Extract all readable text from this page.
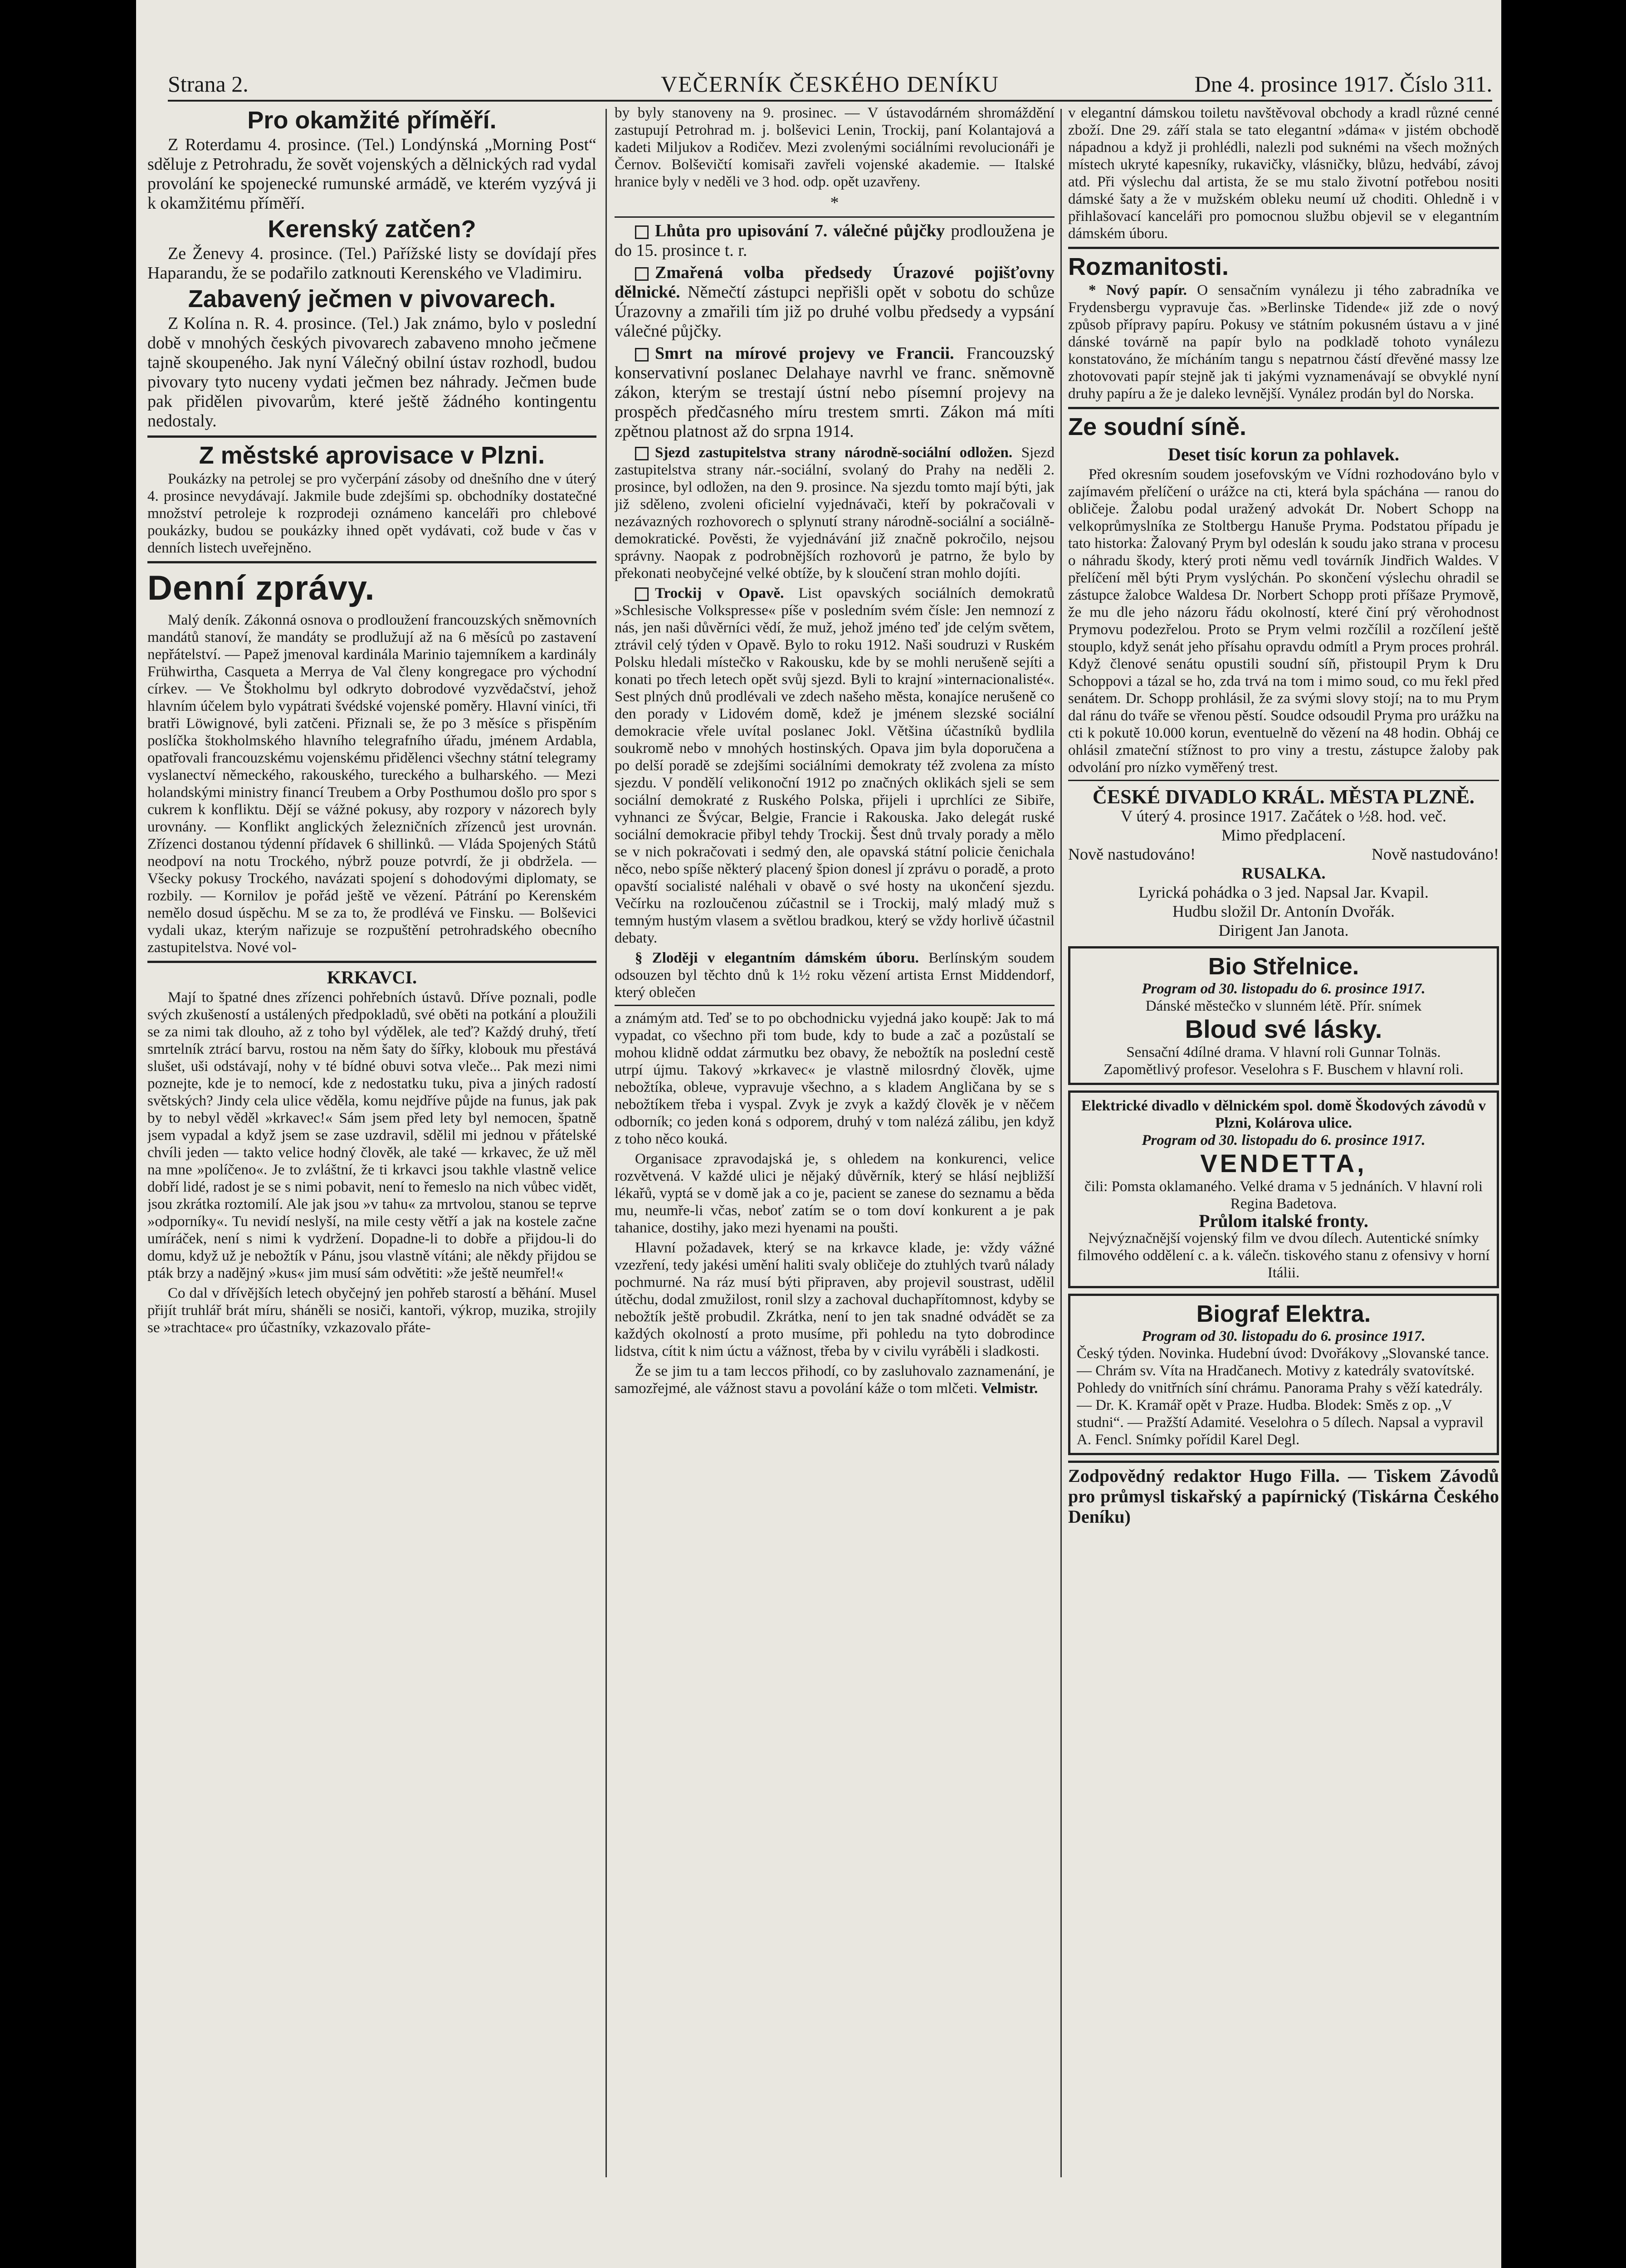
Strana 2.	VEČERNÍK ČESKÉHO DENÍKU	Dne 4. prosince 1917. Číslo 311.
Pro okamžité příměří.

Z Roterdamu 4. prosince. (Tel.) Londýnská „Morning Post“ sděluje z Petrohradu, že sovět vojenských a dělnických rad vydal provolání ke spojenecké rumunské armádě, ve kterém vyzývá ji k okamžitému příměří.

Kerenský zatčen?

Ze Ženevy 4. prosince. (Tel.) Pařížské listy se dovídají přes Haparandu, že se podařilo zatknouti Kerenského ve Vladimiru.

Zabavený ječmen v pivovarech.

Z Kolína n. R. 4. prosince. (Tel.) Jak známo, bylo v poslední době v mnohých českých pivovarech zabaveno mnoho ječmene tajně skoupeného. Jak nyní Válečný obilní ústav rozhodl, budou pivovary tyto nuceny vydati ječmen bez náhrady. Ječmen bude pak přidělen pivovarům, které ještě žádného kontingentu nedostaly.

Z městské aprovisace v Plzni.

Poukázky na petrolej se pro vyčerpání zásoby od dnešního dne v úterý 4. prosince nevydávají. Jakmile bude zdejšími sp. obchodníky dostatečné množství petroleje k rozprodeji oznámeno kanceláři pro chlebové poukázky, budou se poukázky ihned opět vydávati, což bude v čas v denních listech uveřejněno.

Denní zprávy.

Malý deník. Zákonná osnova o prodloužení francouzských sněmovních mandátů stanoví, že mandáty se prodlužují až na 6 měsíců po zastavení nepřátelství. — Papež jmenoval kardinála Marinio tajemníkem a kardinály Frühwirtha, Casqueta a Merrya de Val členy kongregace pro východní církev. — Ve Štokholmu byl odkryto dobrodové vyzvědačství, jehož hlavním účelem bylo vypátrati švédské vojenské poměry. Hlavní viníci, tři bratři Löwignové, byli zatčeni. Přiznali se, že po 3 měsíce s přispěním poslíčka štokholmského hlavního telegrafního úřadu, jménem Ardabla, opatřovali francouzskému vojenskému přidělenci všechny státní telegramy vyslanectví německého, rakouského, tureckého a bulharského. — Mezi holandskými ministry financí Treubem a Orby Posthumou došlo pro spor s cukrem k konfliktu. Dějí se vážné pokusy, aby rozpory v názorech byly urovnány. — Konflikt anglických železničních zřízenců jest urovnán. Zřízenci dostanou týdenní přídavek 6 shillinků. — Vláda Spojených Států neodpoví na notu Trockého, nýbrž pouze potvrdí, že ji obdržela. — Všecky pokusy Trockého, navázati spojení s dohodovými diplomaty, se rozbily. — Kornilov je pořád ještě ve vězení. Pátrání po Kerenském nemělo dosud úspěchu. M se za to, že prodlévá ve Finsku. — Bolševici vydali ukaz, kterým nařizuje se rozpuštění petrohradského obecního zastupitelstva. Nové vol-

KRKAVCI.

Mají to špatné dnes zřízenci pohřebních ústavů. Dříve poznali, podle svých zkušeností a ustálených předpokladů, své oběti na potkání a ploužili se za nimi tak dlouho, až z toho byl výdělek, ale teď? Každý druhý, třetí smrtelník ztrácí barvu, rostou na něm šaty do šířky, klobouk mu přestává slušet, uši odstávají, nohy v té bídné obuvi sotva vleče... Pak mezi nimi poznejte, kde je to nemocí, kde z nedostatku tuku, piva a jiných radostí světských? Jindy cela ulice věděla, komu nejdříve půjde na funus, jak pak by to nebyl věděl »krkavec!« Sám jsem před lety byl nemocen, špatně jsem vypadal a když jsem se zase uzdravil, sdělil mi jednou v přátelské chvíli jeden — takto velice hodný člověk, ale také — krkavec, že už měl na mne »políčeno«. Je to zvláštní, že ti krkavci jsou takhle vlastně velice dobří lidé, radost je se s nimi pobavit, není to řemeslo na nich vůbec vidět, jsou zkrátka roztomilí. Ale jak jsou »v tahu« za mrtvolou, stanou se teprve »odporníky«. Tu nevidí neslyší, na mile cesty větří a jak na kostele začne umíráček, není s nimi k vydržení. Dopadne-li to dobře a přijdou-li do domu, když už je nebožtík v Pánu, jsou vlastně vítáni; ale někdy přijdou se pták brzy a nadějný »kus« jim musí sám odvětiti: »že ještě neumřel!«

Co dal v dřívějších letech obyčejný jen pohřeb starostí a běhání. Musel přijít truhlář brát míru, sháněli se nosiči, kantoři, výkrop, muzika, strojily se »trachtace« pro účastníky, vzkazovalo přáte-

by byly stanoveny na 9. prosinec. — V ústavodárném shromáždění zastupují Petrohrad m. j. bolševici Lenin, Trockij, paní Kolantajová a kadeti Miljukov a Rodičev. Mezi zvolenými sociálními revolucionáři je Černov. Bolševičtí komisaři zavřeli vojenské akademie. — Italské hranice byly v neděli ve 3 hod. odp. opět uzavřeny.

*

Lhůta pro upisování 7. válečné půjčky prodloužena je do 15. prosince t. r.

Zmařená volba předsedy Úrazové pojišťovny dělnické. Němečtí zástupci nepřišli opět v sobotu do schůze Úrazovny a zmařili tím již po druhé volbu předsedy a vypsání válečné půjčky.

Smrt na mírové projevy ve Francii. Francouzský konservativní poslanec Delahaye navrhl ve franc. sněmovně zákon, kterým se trestají ústní nebo písemní projevy na prospěch předčasného míru trestem smrti. Zákon má míti zpětnou platnost až do srpna 1914.

Sjezd zastupitelstva strany národně-sociální odložen. Sjezd zastupitelstva strany nár.-sociální, svolaný do Prahy na neděli 2. prosince, byl odložen, na den 9. prosince. Na sjezdu tomto mají býti, jak již sděleno, zvoleni oficielní vyjednávači, kteří by pokračovali v nezávazných rozhovorech o splynutí strany národně-sociální a sociálně-demokratické. Pověsti, že vyjednávání již značně pokročilo, nejsou správny. Naopak z podrobnějších rozhovorů je patrno, že bylo by překonati neobyčejné velké obtíže, by k sloučení stran mohlo dojíti.

Trockij v Opavě. List opavských sociálních demokratů »Schlesische Volkspresse« píše v posledním svém čísle: Jen nemnozí z nás, jen naši důvěrníci vědí, že muž, jehož jméno teď jde celým světem, ztrávil celý týden v Opavě. Bylo to roku 1912. Naši soudruzi v Ruském Polsku hledali místečko v Rakousku, kde by se mohli nerušeně sejíti a konati po třech letech opět svůj sjezd. Byli to krajní »internacionalisté«. Sest plných dnů prodlévali ve zdech našeho města, konajíce nerušeně co den porady v Lidovém domě, kdež je jménem slezské sociální demokracie vřele uvítal poslanec Jokl. Většina účastníků bydlila soukromě nebo v mnohých hostinských. Opava jim byla doporučena a po delší poradě se zdejšími sociálními demokraty též zvolena za místo sjezdu. V pondělí velikonoční 1912 po značných oklikách sjeli se sem sociální demokraté z Ruského Polska, přijeli i uprchlíci ze Sibiře, vyhnanci ze Švýcar, Belgie, Francie i Rakouska. Jako delegát ruské sociální demokracie přibyl tehdy Trockij. Šest dnů trvaly porady a mělo se v nich pokračovati i sedmý den, ale opavská státní policie čenichala něco, nebo spíše některý placený špion donesl jí zprávu o poradě, a proto opavští socialisté naléhali v obavě o své hosty na ukončení sjezdu. Večírku na rozloučenou zúčastnil se i Trockij, malý mladý muž s temným hustým vlasem a světlou bradkou, který se vždy horlivě účastnil debaty.

§ Zloději v elegantním dámském úboru. Berlínským soudem odsouzen byl těchto dnů k 1½ roku vězení artista Ernst Middendorf, který oblečen

a známým atd. Teď se to po obchodnicku vyjedná jako koupě: Jak to má vypadat, co všechno při tom bude, kdy to bude a zač a pozůstalí se mohou klidně oddat zármutku bez obavy, že nebožtík na poslední cestě utrpí újmu. Takový »krkavec« je vlastně milosrdný člověk, ujme nebožtíka, oblече, vypravuje všechno, a s kladem Angličana by se s nebožtíkem třeba i vyspal. Zvyk je zvyk a každý člověk je v něčem odborník; co jeden koná s odporem, druhý v tom nalézá zálibu, jen když z toho něco kouká.

Organisace zpravodajská je, s ohledem na konkurenci, velice rozvětvená. V každé ulici je nějaký důvěrník, který se hlásí nejbližší lékařů, vyptá se v domě jak a co je, pacient se zanese do seznamu a běda mu, neumře-li včas, neboť zatím se o tom doví konkurent a je pak tahanice, dostihy, jako mezi hyenami na poušti.

Hlavní požadavek, který se na krkavce klade, je: vždy vážné vzezření, tedy jakési umění haliti svaly obličeje do ztuhlých tvarů nálady pochmurné. Na ráz musí býti připraven, aby projevil soustrast, udělil útěchu, dodal zmužilost, ronil slzy a zachoval duchapřítomnost, kdyby se nebožtík ještě probudil. Zkrátka, není to jen tak snadné odvádět se za každých okolností a proto musíme, při pohledu na tyto dobrodince lidstva, cítit k nim úctu a vážnost, třeba by v civilu vyráběli i sladkosti.

Že se jim tu a tam leccos přihodí, co by zasluhovalo zaznamenání, je samozřejmé, ale vážnost stavu a povolání káže o tom mlčeti. Velmistr.

v elegantní dámskou toiletu navštěvoval obchody a kradl různé cenné zboží. Dne 29. září stala se tato elegantní »dáma« v jistém obchodě nápadnou a když ji prohlédli, nalezli pod suknémi na všech možných místech ukryté kapesníky, rukavičky, vlásničky, blůzu, hedvábí, závoj atd. Při výslechu dal artista, že se mu stalo životní potřebou nositi dámské šaty a že v mužském obleku neumí už choditi. Ohledně i v přihlašovací kanceláři pro pomocnou službu objevil se v elegantním dámském úboru.

Rozmanitosti.

* Nový papír. O sensačním vynálezu ji tého zabradníka ve Frydensbergu vypravuje čas. »Berlinske Tidende« již zde o nový způsob přípravy papíru. Pokusy ve státním pokusném ústavu a v jiné dánské továrně na papír bylo na podkladě tohoto vynálezu konstatováno, že mícháním tangu s nepatrnou částí dřevěné massy lze zhotovovati papír stejně jak ti jakými vyznamenávají se obvyklé nyní druhy papíru a že je daleko levnější. Vynález prodán byl do Norska.

Ze soudní síně.
Deset tisíc korun za pohlavek.

Před okresním soudem josefovským ve Vídni rozhodováno bylo v zajímavém přelíčení o urážce na cti, která byla spáchána — ranou do obličeje. Žalobu podal uražený advokát Dr. Nobert Schopp na velkoprůmyslníka ze Stoltbergu Hanuše Pryma. Podstatou případu je tato historka: Žalovaný Prym byl odeslán k soudu jako strana v procesu o náhradu škody, který proti němu vedl továrník Jindřich Waldes. V přelíčení měl býti Prym vyslýchán. Po skončení výslechu ohradil se zástupce žalobce Waldesa Dr. Norbert Schopp proti příšaze Prymově, že mu dle jeho názoru řádu okolností, které činí prý věrohodnost Prymovu podezřelou. Proto se Prym velmi rozčílil a rozčílení ještě stouplo, když senát jeho přísahu opravdu odmítl a Prym proces prohrál. Když členové senátu opustili soudní síň, přistoupil Prym k Dru Schoppovi a tázal se ho, zda trvá na tom i mimo soud, co mu řekl před senátem. Dr. Schopp prohlásil, že za svými slovy stojí; na to mu Prym dal ránu do tváře se vřenou pěstí. Soudce odsoudil Pryma pro urážku na cti k pokutě 10.000 korun, eventuelně do vězení na 48 hodin. Obháj ce ohlásil zmateční stížnost to pro viny a trestu, zástupce žaloby pak odvolání pro nízko vyměřený trest.

ČESKÉ DIVADLO KRÁL. MĚSTA PLZNĚ.
V úterý 4. prosince 1917. Začátek o ½8. hod. več.
Mimo předplacení.
Nově nastudováno!	Nově nastudováno!
RUSALKA.
Lyrická pohádka o 3 jed. Napsal Jar. Kvapil.
Hudbu složil Dr. Antonín Dvořák.
Dirigent Jan Janota.
Bio Střelnice.
Program od 30. listopadu do 6. prosince 1917.
Dánské městečko v slunném létě. Přír. snímek
Bloud své lásky.
Sensační 4dílné drama. V hlavní roli Gunnar Tolnäs.
Zapomětlivý profesor. Veselohra s F. Buschem v hlavní roli.
Elektrické divadlo v dělnickém spol. domě Škodových závodů v Plzni, Kolárova ulice.
Program od 30. listopadu do 6. prosince 1917.
VENDETTA,
čili: Pomsta oklamaného. Velké drama v 5 jednáních. V hlavní roli Regina Badetova.
Průlom italské fronty.
Nejvýznačnější vojenský film ve dvou dílech. Autentické snímky filmového oddělení c. a k. válečn. tiskového stanu z ofensivy v horní Itálii.
Biograf Elektra.
Program od 30. listopadu do 6. prosince 1917.
Český týden. Novinka. Hudební úvod: Dvořákovy „Slovanské tance. — Chrám sv. Víta na Hradčanech. Motivy z katedrály svatovítské. Pohledy do vnitřních síní chrámu. Panorama Prahy s věží katedrály. — Dr. K. Kramář opět v Praze. Hudba. Blodek: Směs z op. „V studni“. — Pražští Adamité. Veselohra o 5 dílech. Napsal a vypravil A. Fencl. Snímky pořídil Karel Degl.
Zodpovědný redaktor Hugo Filla. — Tiskem Závodů pro průmysl tiskařský a papírnický (Tiskárna Českého Deníku)
